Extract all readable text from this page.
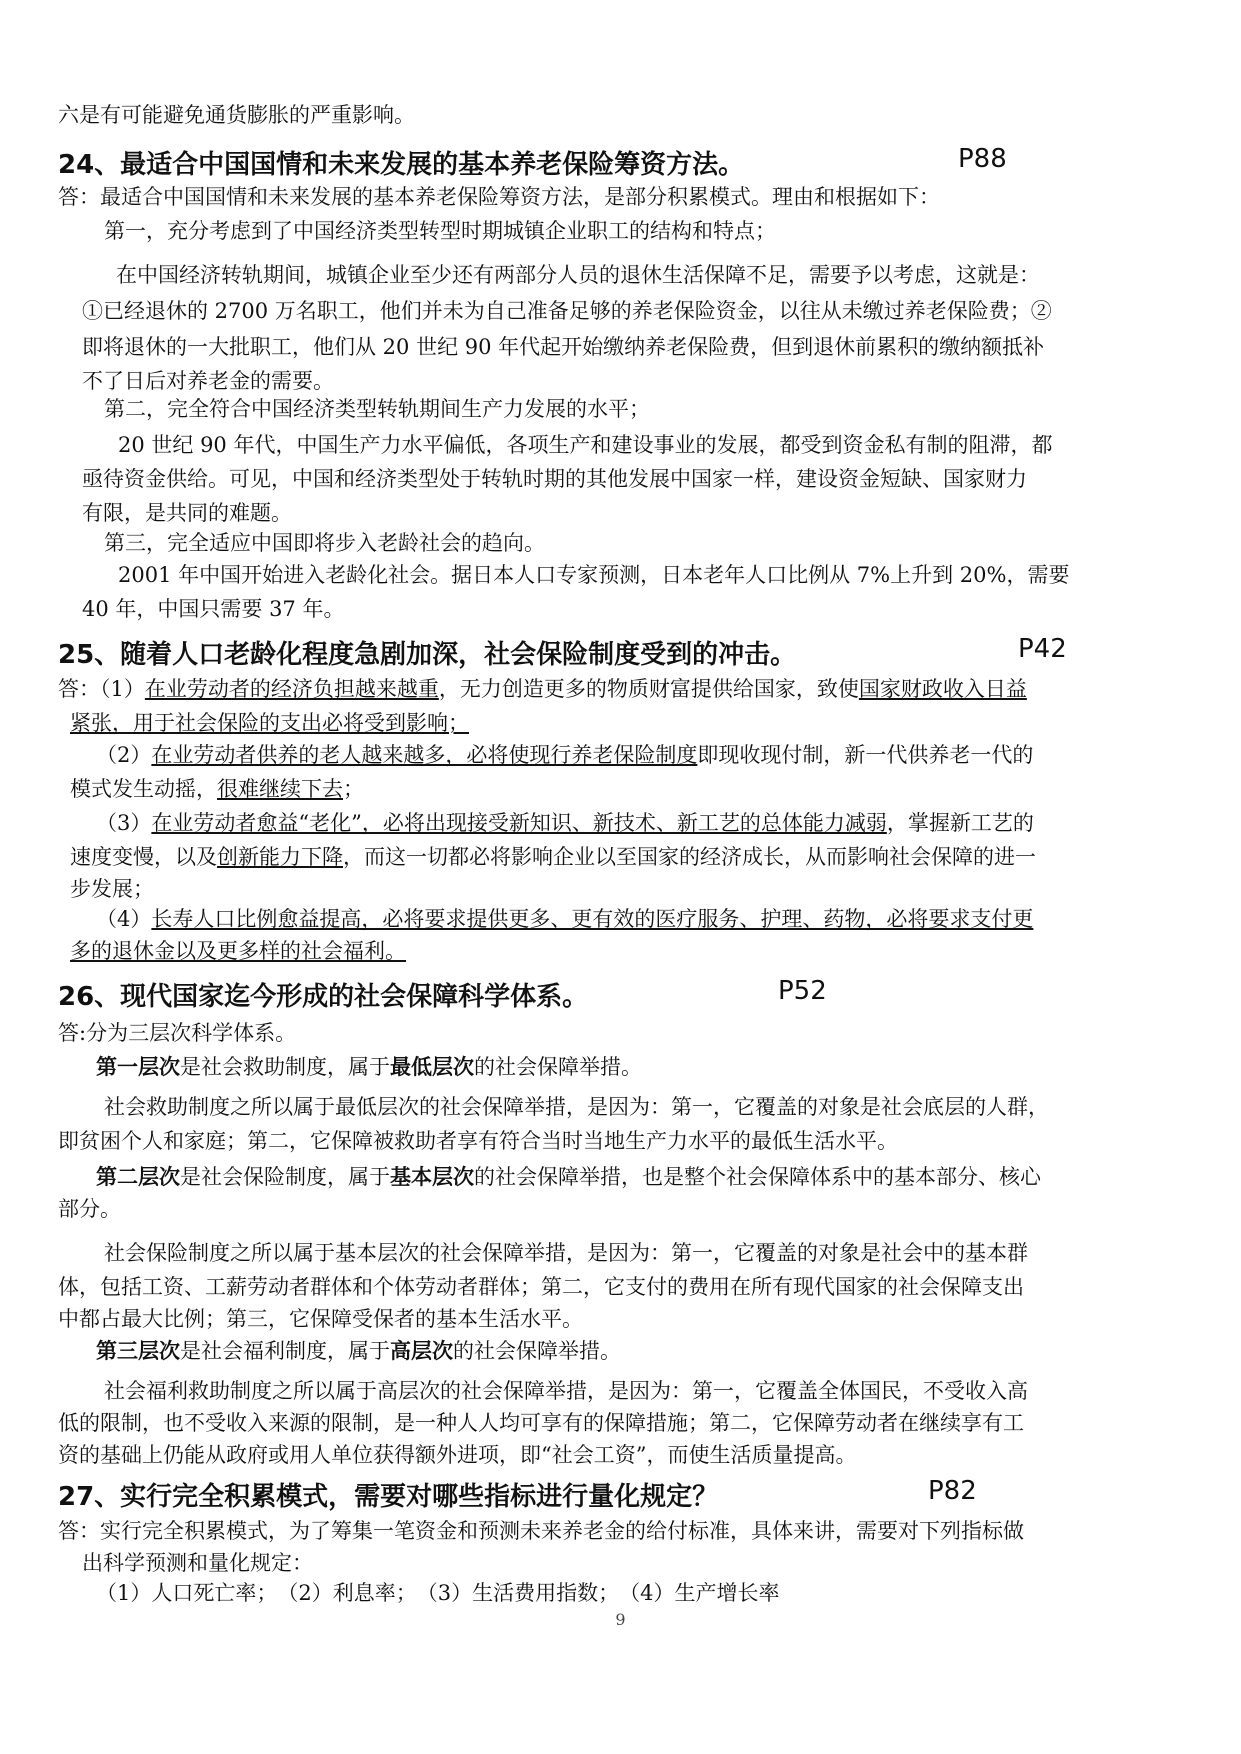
六是有可能避免通货膨胀的严重影响。

24、最适合中国国情和未来发展的基本养老保险筹资方法。	P88

答：最适合中国国情和未来发展的基本养老保险筹资方法，是部分积累模式。理由和根据如下：

第一，充分考虑到了中国经济类型转型时期城镇企业职工的结构和特点；

在中国经济转轨期间，城镇企业至少还有两部分人员的退休生活保障不足，需要予以考虑，这就是：

①已经退休的 2700 万名职工，他们并未为自己准备足够的养老保险资金，以往从未缴过养老保险费；②

即将退休的一大批职工，他们从 20 世纪 90 年代起开始缴纳养老保险费，但到退休前累积的缴纳额抵补

不了日后对养老金的需要。

第二，完全符合中国经济类型转轨期间生产力发展的水平；

20 世纪 90 年代，中国生产力水平偏低，各项生产和建设事业的发展，都受到资金私有制的阻滞，都

亟待资金供给。可见，中国和经济类型处于转轨时期的其他发展中国家一样，建设资金短缺、国家财力

有限，是共同的难题。

第三，完全适应中国即将步入老龄社会的趋向。

2001 年中国开始进入老龄化社会。据日本人口专家预测，日本老年人口比例从 7%上升到 20%，需要

40 年，中国只需要 37 年。

25、随着人口老龄化程度急剧加深，社会保险制度受到的冲击。	P42

答：（1）在业劳动者的经济负担越来越重，无力创造更多的物质财富提供给国家，致使国家财政收入日益

紧张，用于社会保险的支出必将受到影响；

（2）在业劳动者供养的老人越来越多，必将使现行养老保险制度即现收现付制，新一代供养老一代的

模式发生动摇，很难继续下去；

（3）在业劳动者愈益“老化”，必将出现接受新知识、新技术、新工艺的总体能力减弱，掌握新工艺的

速度变慢，以及创新能力下降，而这一切都必将影响企业以至国家的经济成长，从而影响社会保障的进一

步发展；

（4）长寿人口比例愈益提高，必将要求提供更多、更有效的医疗服务、护理、药物，必将要求支付更

多的退休金以及更多样的社会福利。

26、现代国家迄今形成的社会保障科学体系。	P52

答:分为三层次科学体系。

第一层次是社会救助制度，属于最低层次的社会保障举措。

社会救助制度之所以属于最低层次的社会保障举措，是因为：第一，它覆盖的对象是社会底层的人群，

即贫困个人和家庭；第二，它保障被救助者享有符合当时当地生产力水平的最低生活水平。

第二层次是社会保险制度，属于基本层次的社会保障举措，也是整个社会保障体系中的基本部分、核心

部分。

社会保险制度之所以属于基本层次的社会保障举措，是因为：第一，它覆盖的对象是社会中的基本群

体，包括工资、工薪劳动者群体和个体劳动者群体；第二，它支付的费用在所有现代国家的社会保障支出

中都占最大比例；第三，它保障受保者的基本生活水平。

第三层次是社会福利制度，属于高层次的社会保障举措。

社会福利救助制度之所以属于高层次的社会保障举措，是因为：第一，它覆盖全体国民，不受收入高

低的限制，也不受收入来源的限制，是一种人人均可享有的保障措施；第二，它保障劳动者在继续享有工

资的基础上仍能从政府或用人单位获得额外进项，即“社会工资”，而使生活质量提高。

27、实行完全积累模式，需要对哪些指标进行量化规定？	P82

答：实行完全积累模式，为了筹集一笔资金和预测未来养老金的给付标准，具体来讲，需要对下列指标做

出科学预测和量化规定：

（1）人口死亡率；　（2）利息率；　（3）生活费用指数；　（4）生产增长率

9
